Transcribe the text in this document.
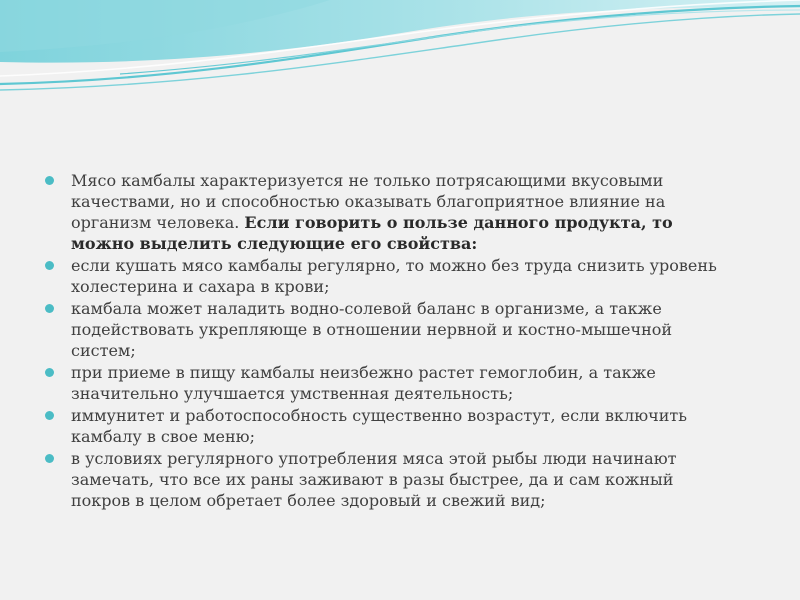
Мясо камбалы характеризуется не только потрясающими вкусовыми качествами, но и способностью оказывать благоприятное влияние на организм человека. Если говорить о пользе данного продукта, то можно выделить следующие его свойства:
если кушать мясо камбалы регулярно, то можно без труда снизить уровень холестерина и сахара в крови;
камбала может наладить водно-солевой баланс в организме, а также подействовать укрепляюще в отношении нервной и костно-мышечной систем;
при приеме в пищу камбалы неизбежно растет гемоглобин, а также значительно улучшается умственная деятельность;
иммунитет и работоспособность существенно возрастут, если включить камбалу в свое меню;
в условиях регулярного употребления мяса этой рыбы люди начинают замечать, что все их раны заживают в разы быстрее, да и сам кожный покров в целом обретает более здоровый и свежий вид;
